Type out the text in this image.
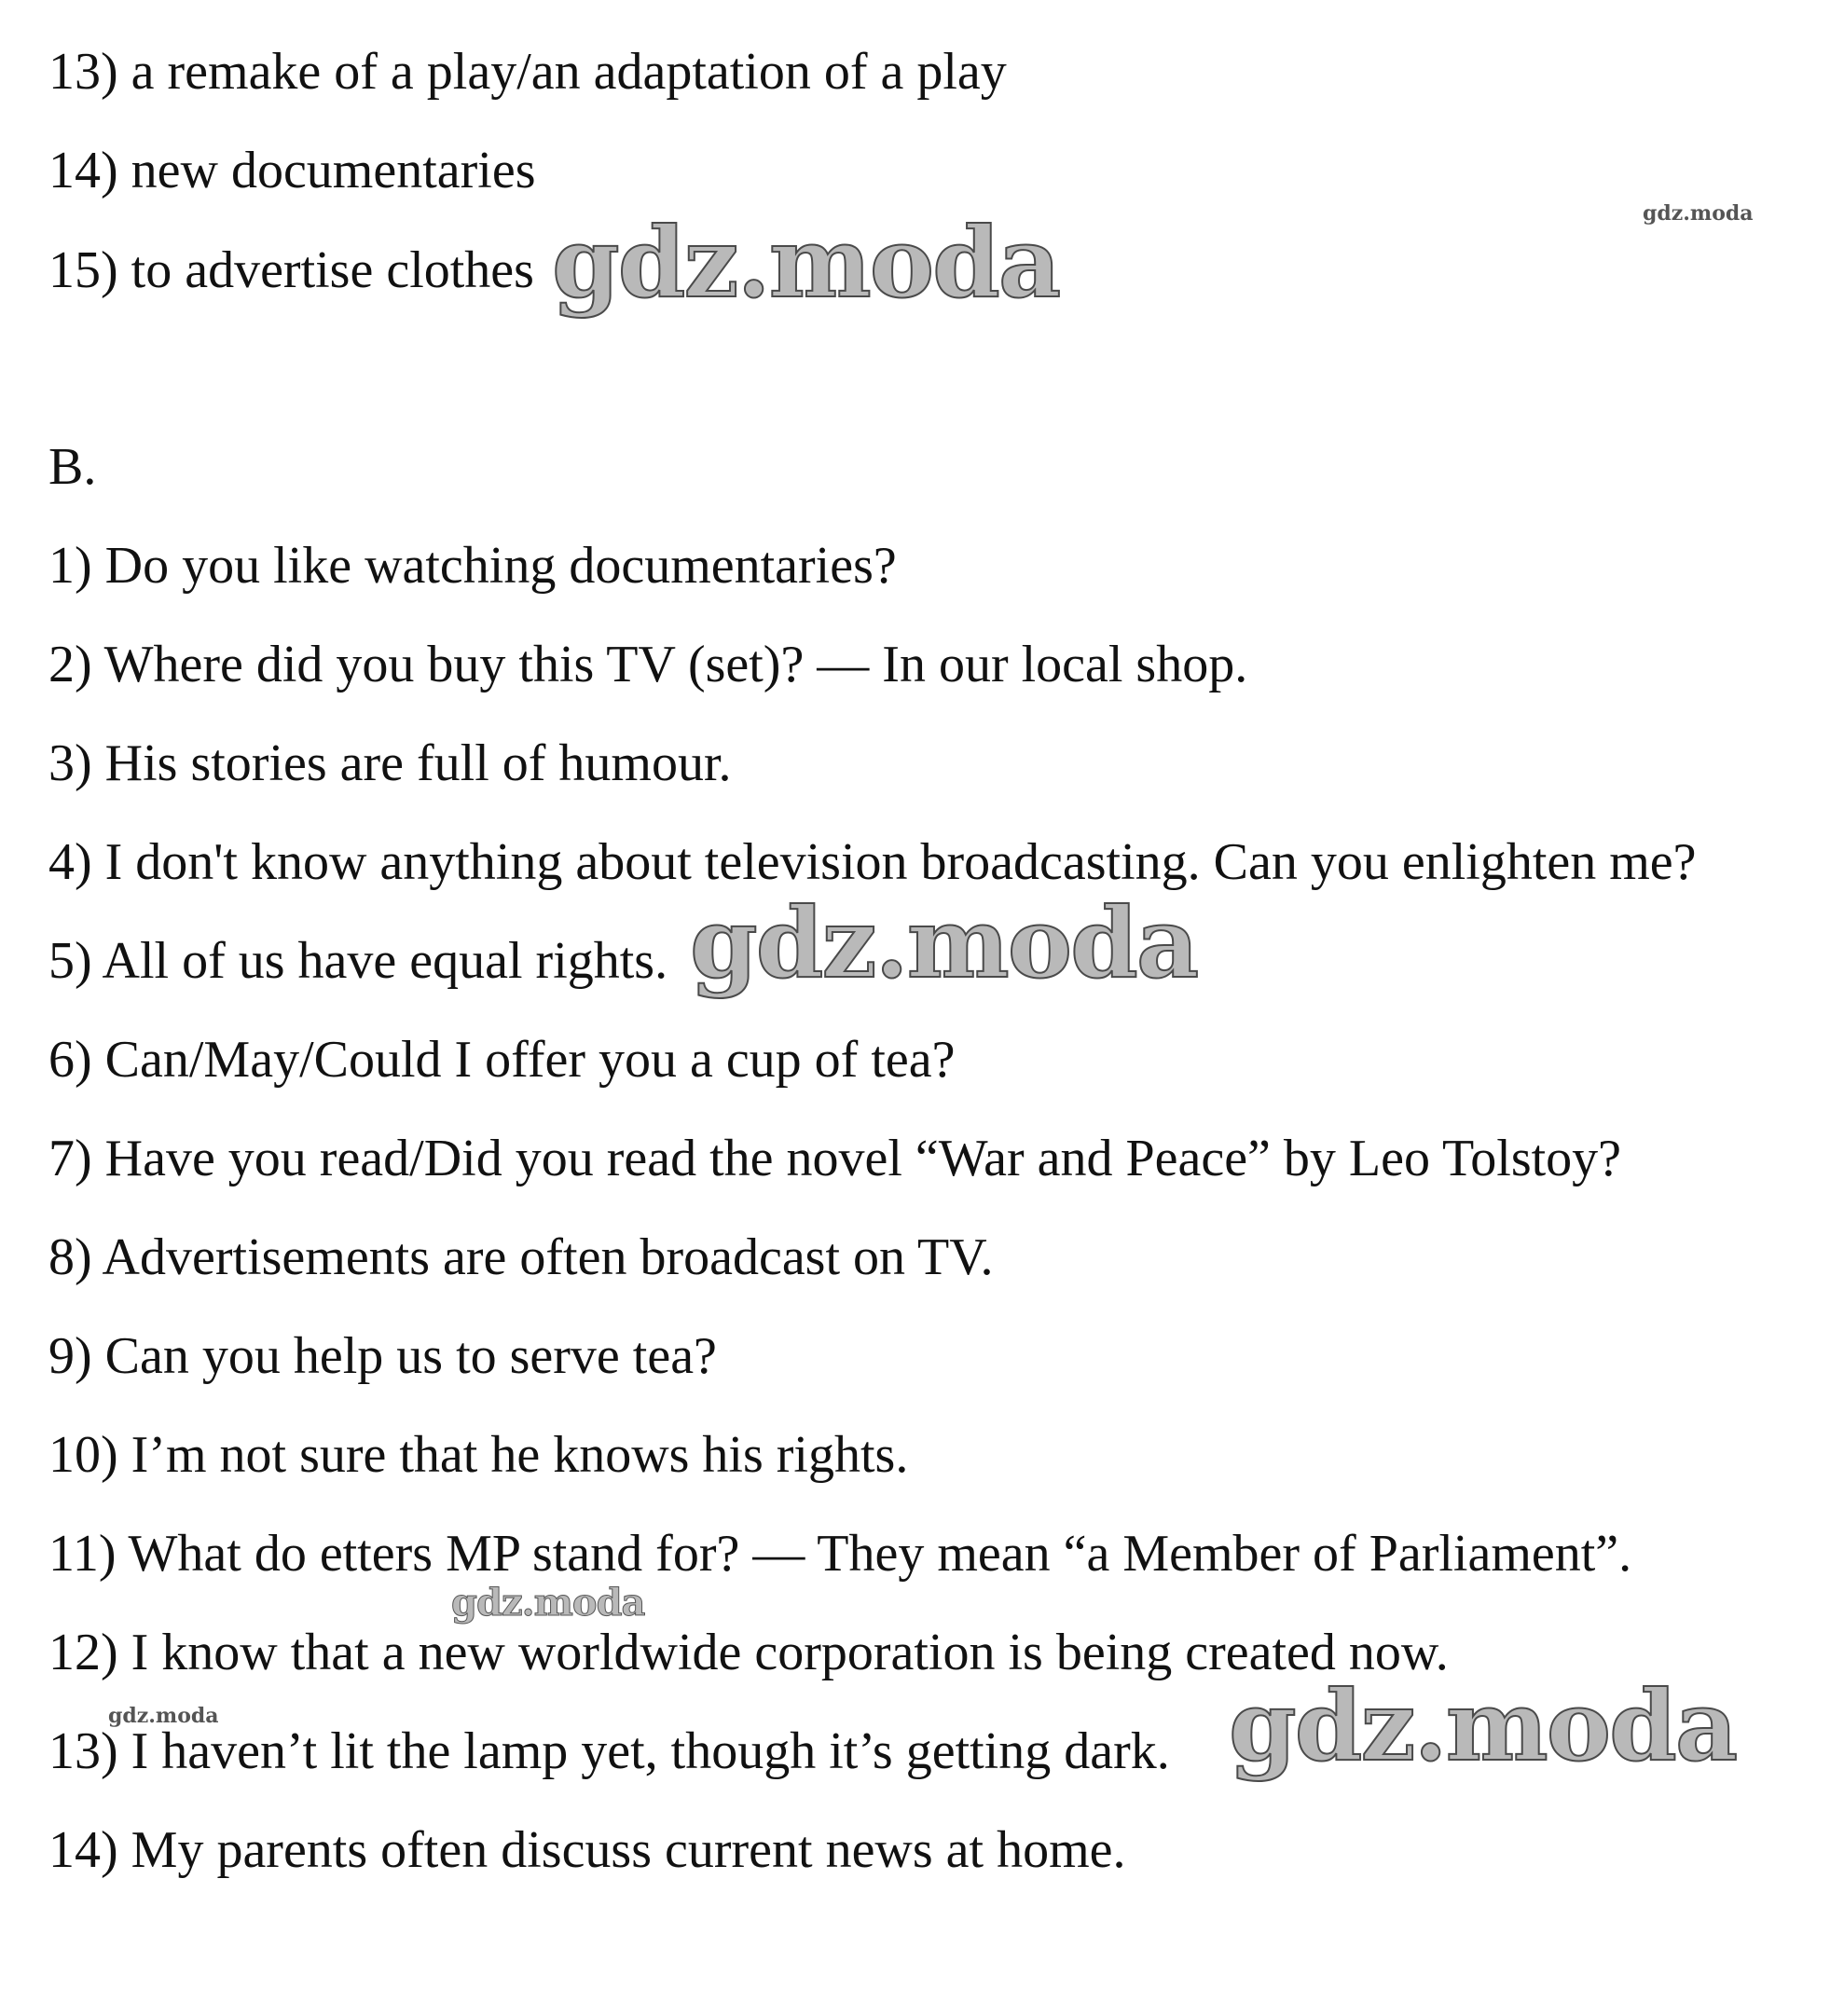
13) a remake of a play/an adaptation of a play

14) new documentaries

15) to advertise clothes

B.

1) Do you like watching documentaries?

2) Where did you buy this TV (set)? — In our local shop.

3) His stories are full of humour.

4) I don't know anything about television broadcasting. Can you enlighten me?

5) All of us have equal rights.

6) Can/May/Could I offer you a cup of tea?

7) Have you read/Did you read the novel “War and Peace” by Leo Tolstoy?

8) Advertisements are often broadcast on TV.

9) Can you help us to serve tea?

10) I’m not sure that he knows his rights.

11) What do etters MP stand for? — They mean “a Member of Parliament”.

12) I know that a new worldwide corporation is being created now.

13) I haven’t lit the lamp yet, though it’s getting dark.

14) My parents often discuss current news at home.

gdz.moda
gdz.moda
gdz.moda
gdz.moda
gdz.moda	gdz.moda
